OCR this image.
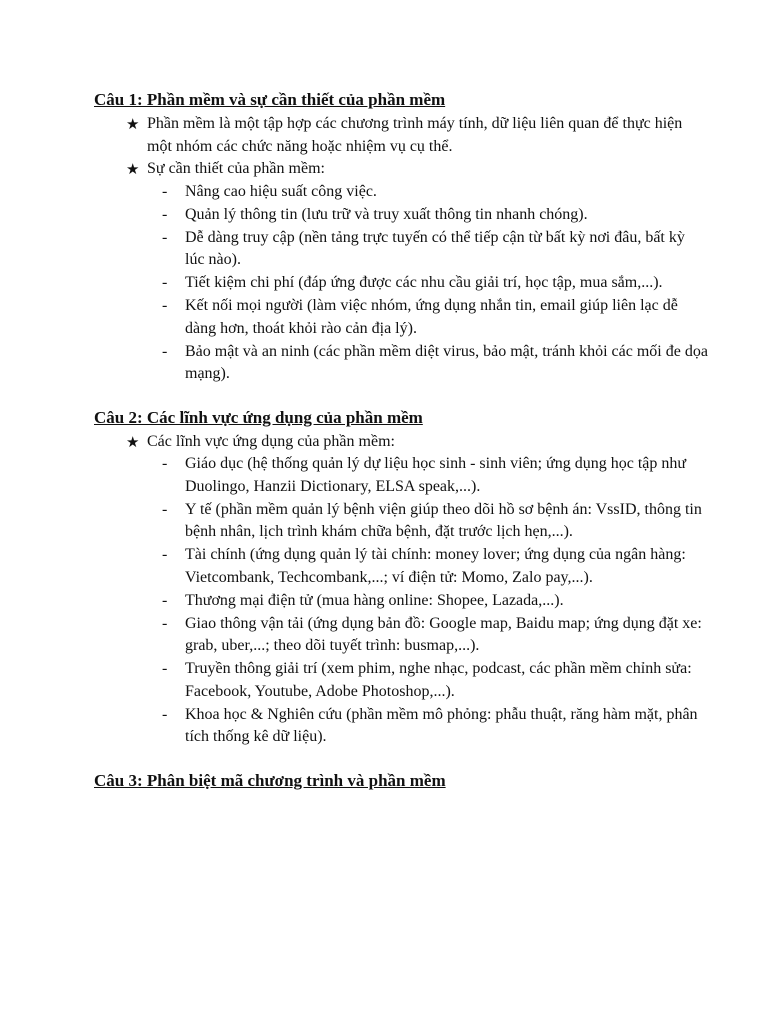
Câu 1: Phần mềm và sự cần thiết của phần mềm

★ Phần mềm là một tập hợp các chương trình máy tính, dữ liệu liên quan để thực hiện một nhóm các chức năng hoặc nhiệm vụ cụ thể.

★ Sự cần thiết của phần mềm:

- Nâng cao hiệu suất công việc.
- Quản lý thông tin (lưu trữ và truy xuất thông tin nhanh chóng).
- Dễ dàng truy cập (nền tảng trực tuyến có thể tiếp cận từ bất kỳ nơi đâu, bất kỳ lúc nào).
- Tiết kiệm chi phí (đáp ứng được các nhu cầu giải trí, học tập, mua sắm,...).
- Kết nối mọi người (làm việc nhóm, ứng dụng nhắn tin, email giúp liên lạc dễ dàng hơn, thoát khỏi rào cản địa lý).
- Bảo mật và an ninh (các phần mềm diệt virus, bảo mật, tránh khỏi các mối đe dọa mạng).

Câu 2: Các lĩnh vực ứng dụng của phần mềm

★ Các lĩnh vực ứng dụng của phần mềm:

- Giáo dục (hệ thống quản lý dự liệu học sinh - sinh viên; ứng dụng học tập như Duolingo, Hanzii Dictionary, ELSA speak,...).
- Y tế (phần mềm quản lý bệnh viện giúp theo dõi hồ sơ bệnh án: VssID, thông tin bệnh nhân, lịch trình khám chữa bệnh, đặt trước lịch hẹn,...).
- Tài chính (ứng dụng quản lý tài chính: money lover; ứng dụng của ngân hàng: Vietcombank, Techcombank,...; ví điện tử: Momo, Zalo pay,...).
- Thương mại điện tử (mua hàng online: Shopee, Lazada,...).
- Giao thông vận tải (ứng dụng bản đồ: Google map, Baidu map; ứng dụng đặt xe: grab, uber,...; theo dõi tuyết trình: busmap,...).
- Truyền thông giải trí (xem phim, nghe nhạc, podcast, các phần mềm chỉnh sửa: Facebook, Youtube, Adobe Photoshop,...).
- Khoa học & Nghiên cứu (phần mềm mô phỏng: phẫu thuật, răng hàm mặt, phân tích thống kê dữ liệu).

Câu 3: Phân biệt mã chương trình và phần mềm
